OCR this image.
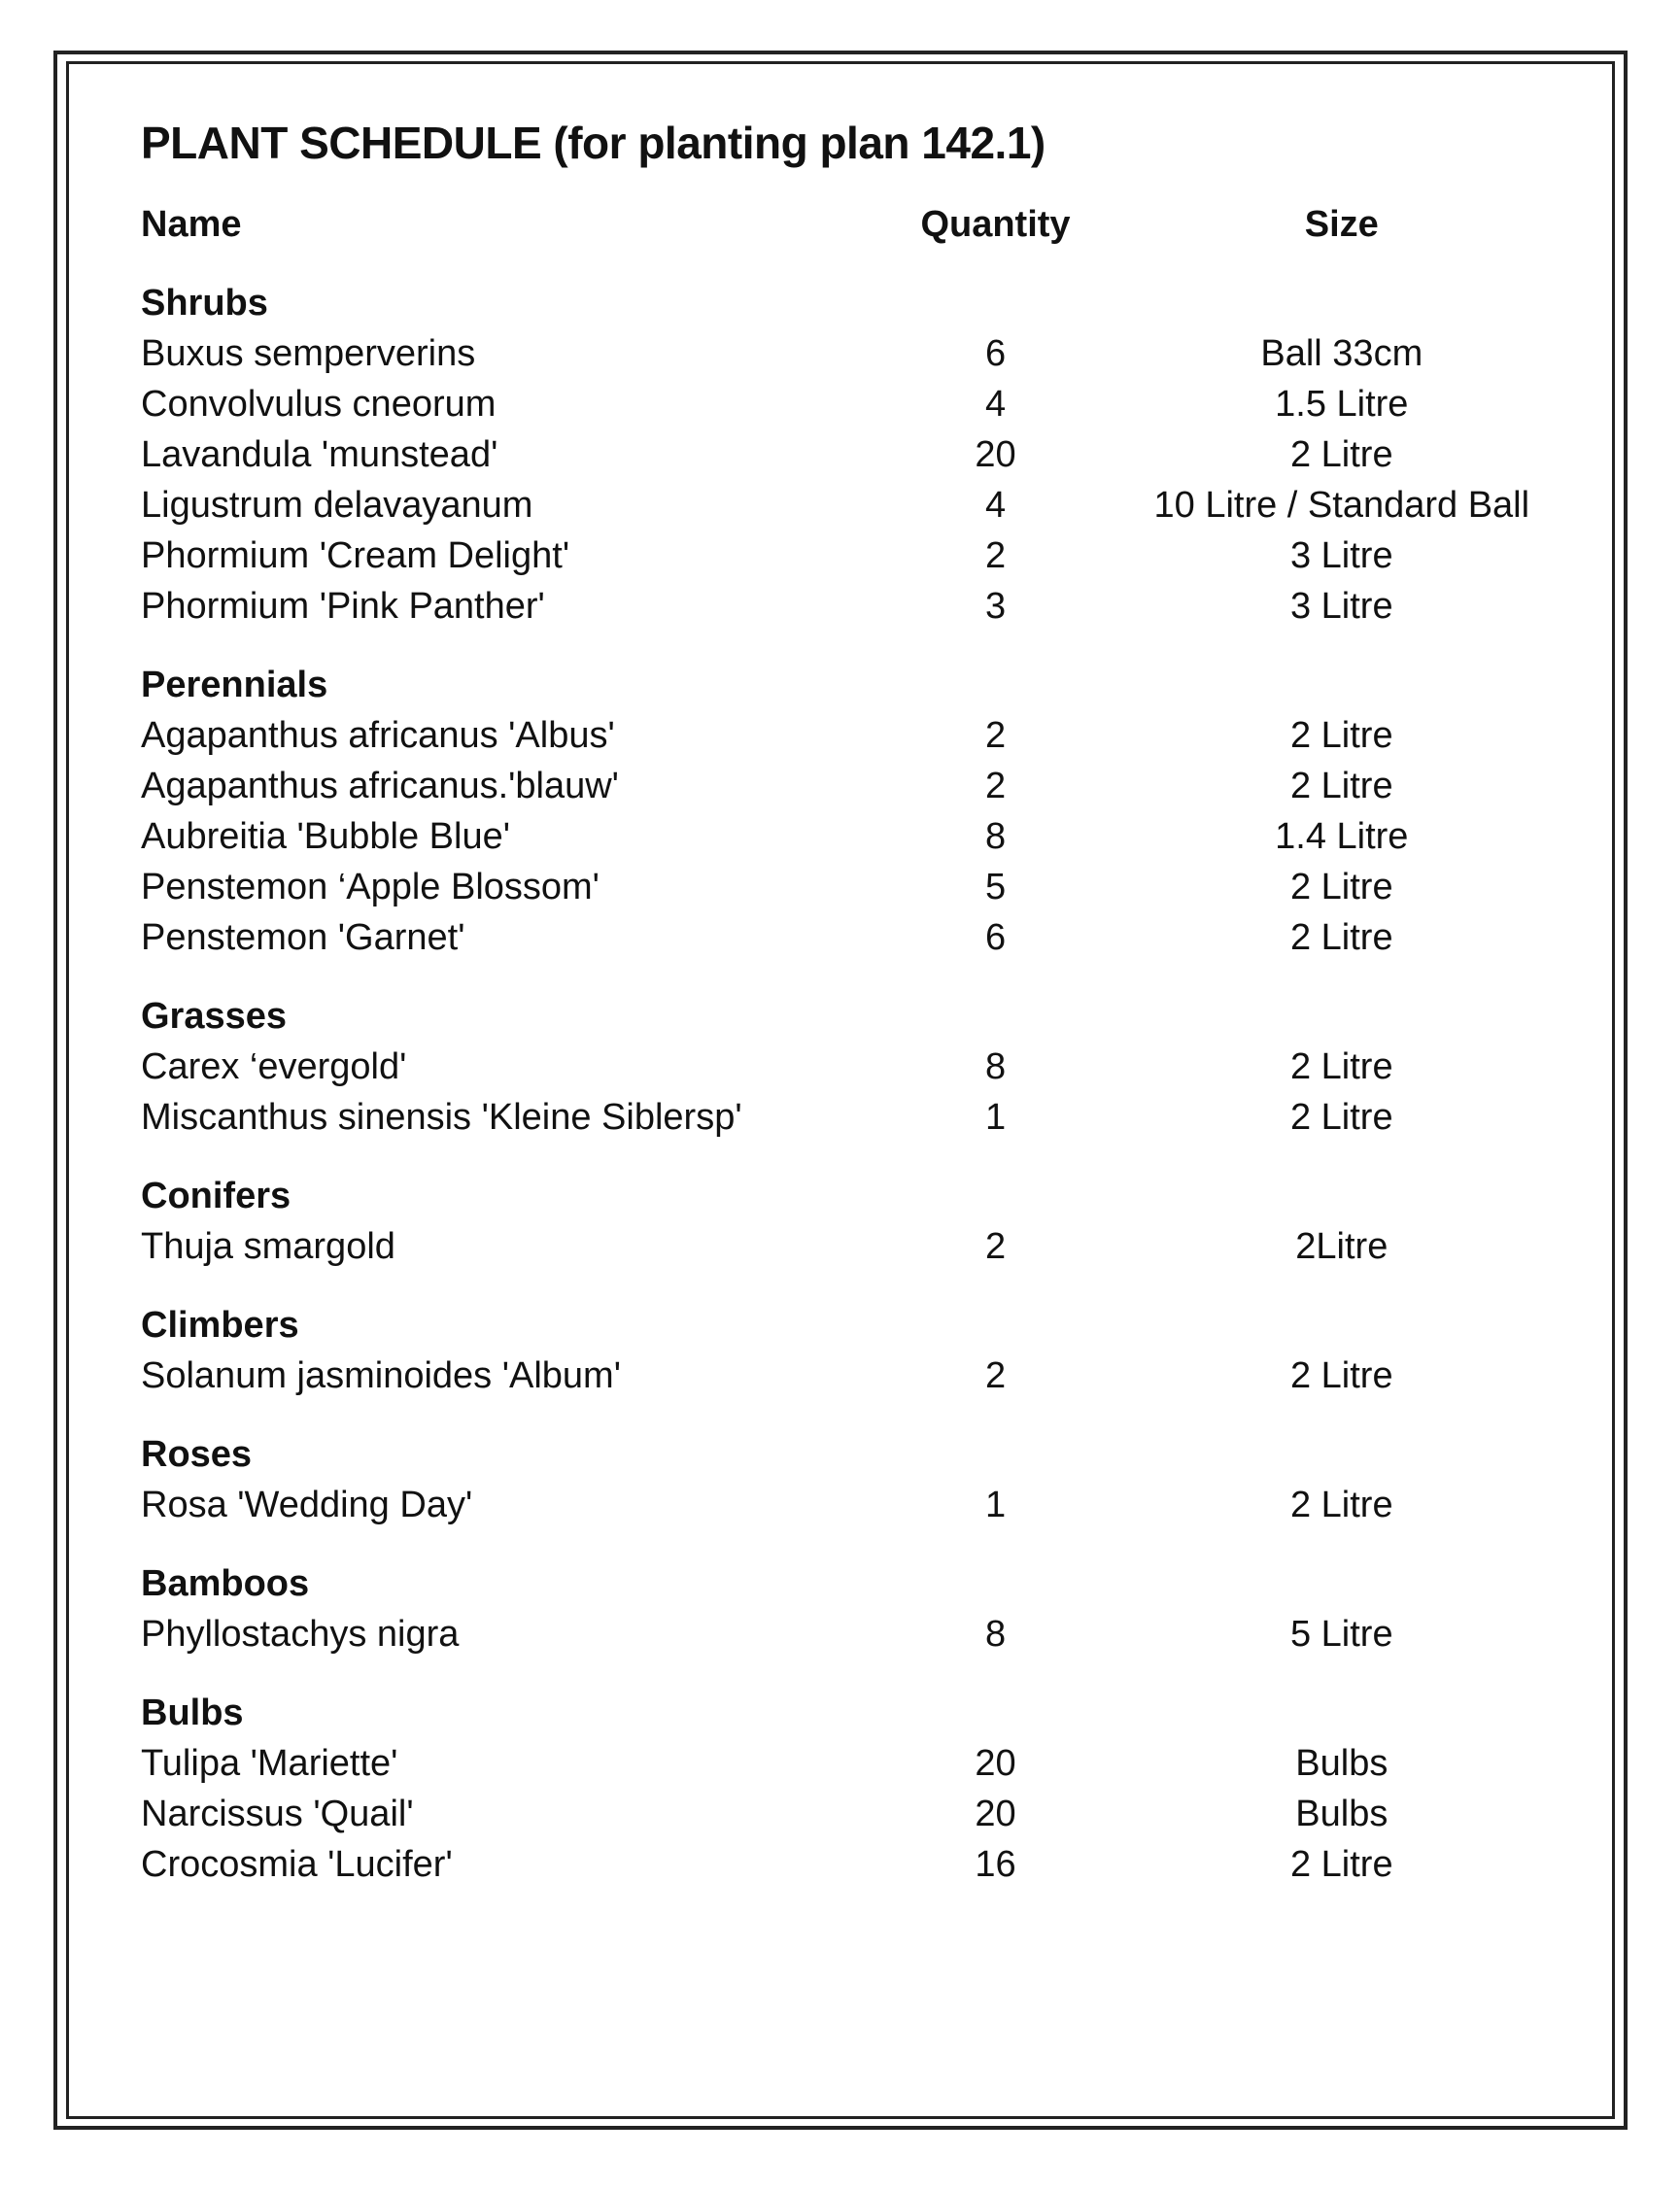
PLANT SCHEDULE (for planting plan 142.1)
Name	Quantity	Size
Shrubs
Buxus semperverins	6	Ball 33cm
Convolvulus cneorum	4	1.5 Litre
Lavandula 'munstead'	20	2 Litre
Ligustrum delavayanum	4	10 Litre / Standard Ball
Phormium 'Cream Delight'	2	3 Litre
Phormium 'Pink Panther'	3	3 Litre
Perennials
Agapanthus africanus 'Albus'	2	2 Litre
Agapanthus africanus.'blauw'	2	2 Litre
Aubreitia 'Bubble Blue'	8	1.4 Litre
Penstemon ‘Apple Blossom'	5	2 Litre
Penstemon 'Garnet'	6	2 Litre
Grasses
Carex ‘evergold'	8	2 Litre
Miscanthus sinensis 'Kleine Siblersp'	1	2 Litre
Conifers
Thuja smargold	2	2Litre
Climbers
Solanum jasminoides 'Album'	2	2 Litre
Roses
Rosa 'Wedding Day'	1	2 Litre
Bamboos
Phyllostachys nigra	8	5 Litre
Bulbs
Tulipa 'Mariette'	20	Bulbs
Narcissus 'Quail'	20	Bulbs
Crocosmia 'Lucifer'	16	2 Litre
